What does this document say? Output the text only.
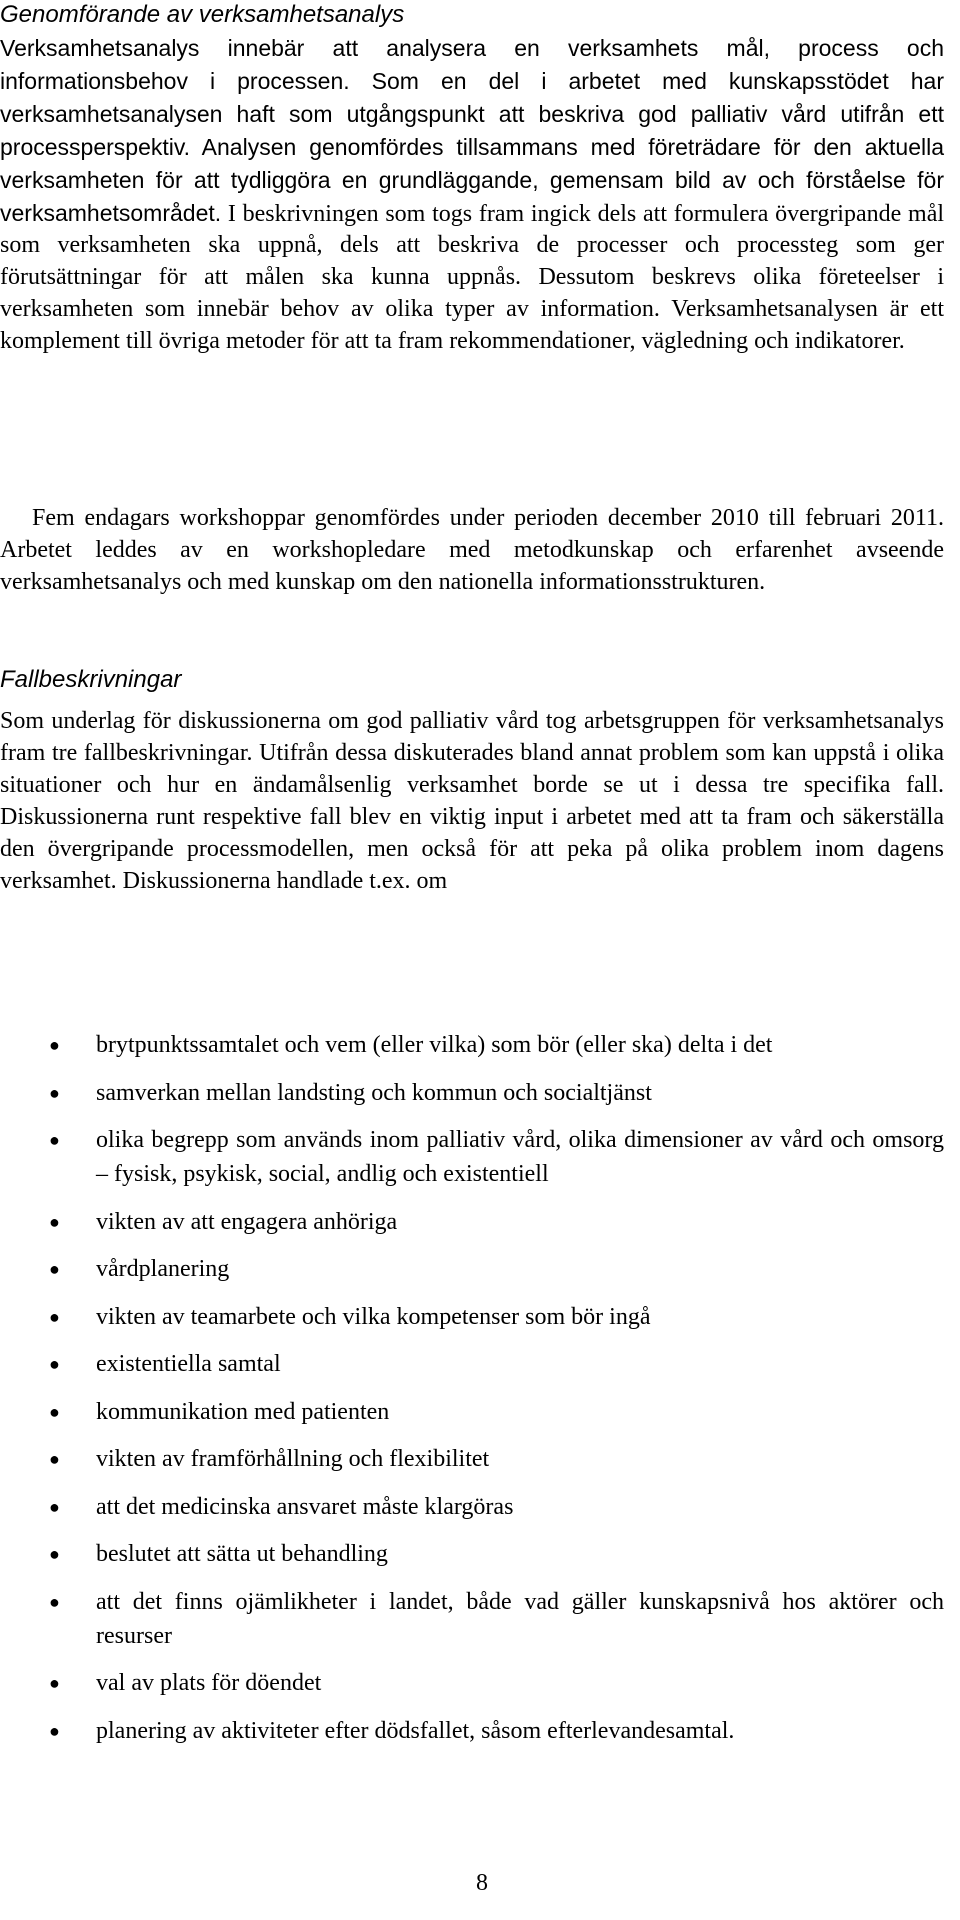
Genomförande av verksamhetsanalys

Verksamhetsanalys innebär att analysera en verksamhets mål, process och informationsbehov i processen. Som en del i arbetet med kunskapsstödet har verksamhetsanalysen haft som utgångspunkt att beskriva god palliativ vård utifrån ett processperspektiv. Analysen genomfördes tillsammans med företrädare för den aktuella verksamheten för att tydliggöra en grundläggande, gemensam bild av och förståelse för verksamhetsområdet. I beskrivningen som togs fram ingick dels att formulera övergripande mål som verksamheten ska uppnå, dels att beskriva de processer och processteg som ger förutsättningar för att målen ska kunna uppnås. Dessutom beskrevs olika företeelser i verksamheten som innebär behov av olika typer av information. Verksamhetsanalysen är ett komplement till övriga metoder för att ta fram rekommendationer, vägledning och indikatorer.

Fem endagars workshoppar genomfördes under perioden december 2010 till februari 2011. Arbetet leddes av en workshopledare med metodkunskap och erfarenhet avseende verksamhetsanalys och med kunskap om den nationella informationsstrukturen.

Fallbeskrivningar

Som underlag för diskussionerna om god palliativ vård tog arbetsgruppen för verksamhetsanalys fram tre fallbeskrivningar. Utifrån dessa diskuterades bland annat problem som kan uppstå i olika situationer och hur en ändamålsenlig verksamhet borde se ut i dessa tre specifika fall. Diskussionerna runt respektive fall blev en viktig input i arbetet med att ta fram och säkerställa den övergripande processmodellen, men också för att peka på olika problem inom dagens verksamhet. Diskussionerna handlade t.ex. om

● brytpunktssamtalet och vem (eller vilka) som bör (eller ska) delta i det
● samverkan mellan landsting och kommun och socialtjänst
● olika begrepp som används inom palliativ vård, olika dimensioner av vård och omsorg – fysisk, psykisk, social, andlig och existentiell
● vikten av att engagera anhöriga
● vårdplanering
● vikten av teamarbete och vilka kompetenser som bör ingå
● existentiella samtal
● kommunikation med patienten
● vikten av framförhållning och flexibilitet
● att det medicinska ansvaret måste klargöras
● beslutet att sätta ut behandling
● att det finns ojämlikheter i landet, både vad gäller kunskapsnivå hos aktörer och resurser
● val av plats för döendet
● planering av aktiviteter efter dödsfallet, såsom efterlevandesamtal.
8
